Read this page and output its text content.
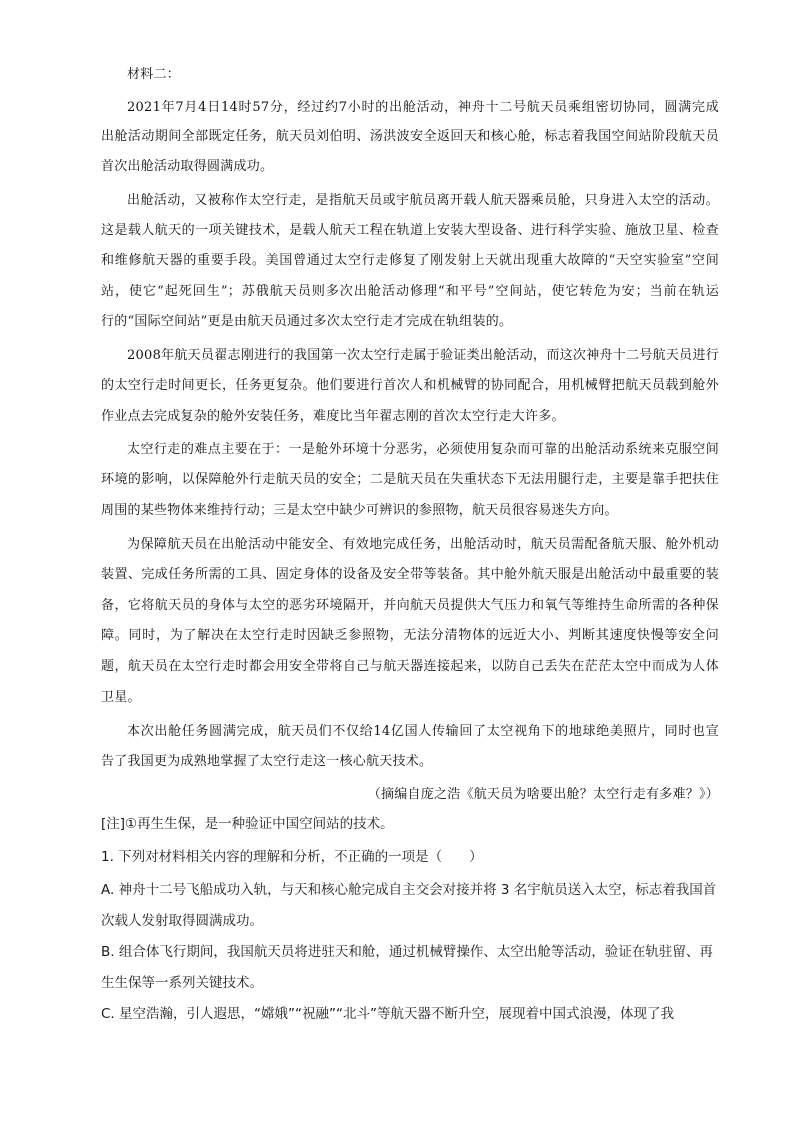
材料二：
2021年7月4日14时57分，经过约7小时的出舱活动，神舟十二号航天员乘组密切协同，圆满完成
出舱活动期间全部既定任务，航天员刘伯明、汤洪波安全返回天和核心舱，标志着我国空间站阶段航天员
首次出舱活动取得圆满成功。
出舱活动，又被称作太空行走，是指航天员或宇航员离开载人航天器乘员舱，只身进入太空的活动。
这是载人航天的一项关键技术，是载人航天工程在轨道上安装大型设备、进行科学实验、施放卫星、检查
和维修航天器的重要手段。美国曾通过太空行走修复了刚发射上天就出现重大故障的“天空实验室”空间
站，使它“起死回生”；苏俄航天员则多次出舱活动修理“和平号”空间站，使它转危为安；当前在轨运
行的“国际空间站”更是由航天员通过多次太空行走才完成在轨组装的。
2008年航天员翟志刚进行的我国第一次太空行走属于验证类出舱活动，而这次神舟十二号航天员进行
的太空行走时间更长，任务更复杂。他们要进行首次人和机械臂的协同配合，用机械臂把航天员载到舱外
作业点去完成复杂的舱外安装任务，难度比当年翟志刚的首次太空行走大许多。
太空行走的难点主要在于：一是舱外环境十分恶劣，必须使用复杂而可靠的出舱活动系统来克服空间
环境的影响，以保障舱外行走航天员的安全；二是航天员在失重状态下无法用腿行走，主要是靠手把扶住
周围的某些物体来维持行动；三是太空中缺少可辨识的参照物，航天员很容易迷失方向。
为保障航天员在出舱活动中能安全、有效地完成任务，出舱活动时，航天员需配备航天服、舱外机动
装置、完成任务所需的工具、固定身体的设备及安全带等装备。其中舱外航天服是出舱活动中最重要的装
备，它将航天员的身体与太空的恶劣环境隔开，并向航天员提供大气压力和氧气等维持生命所需的各种保
障。同时，为了解决在太空行走时因缺乏参照物，无法分清物体的远近大小、判断其速度快慢等安全问
题，航天员在太空行走时都会用安全带将自己与航天器连接起来，以防自己丢失在茫茫太空中而成为人体
卫星。
本次出舱任务圆满完成，航天员们不仅给14亿国人传输回了太空视角下的地球绝美照片，同时也宣
告了我国更为成熟地掌握了太空行走这一核心航天技术。
（摘编自庞之浩《航天员为啥要出舱？太空行走有多难？》）
[注]①再生生保，是一种验证中国空间站的技术。
1. 下列对材料相关内容的理解和分析，不正确的一项是（　　）
A. 神舟十二号飞船成功入轨，与天和核心舱完成自主交会对接并将 3 名宇航员送入太空，标志着我国首
次载人发射取得圆满成功。
B. 组合体飞行期间，我国航天员将进驻天和舱，通过机械臂操作、太空出舱等活动，验证在轨驻留、再
生生保等一系列关键技术。
C. 星空浩瀚，引人遐思，“嫦娥”“祝融”“北斗”等航天器不断升空，展现着中国式浪漫，体现了我
